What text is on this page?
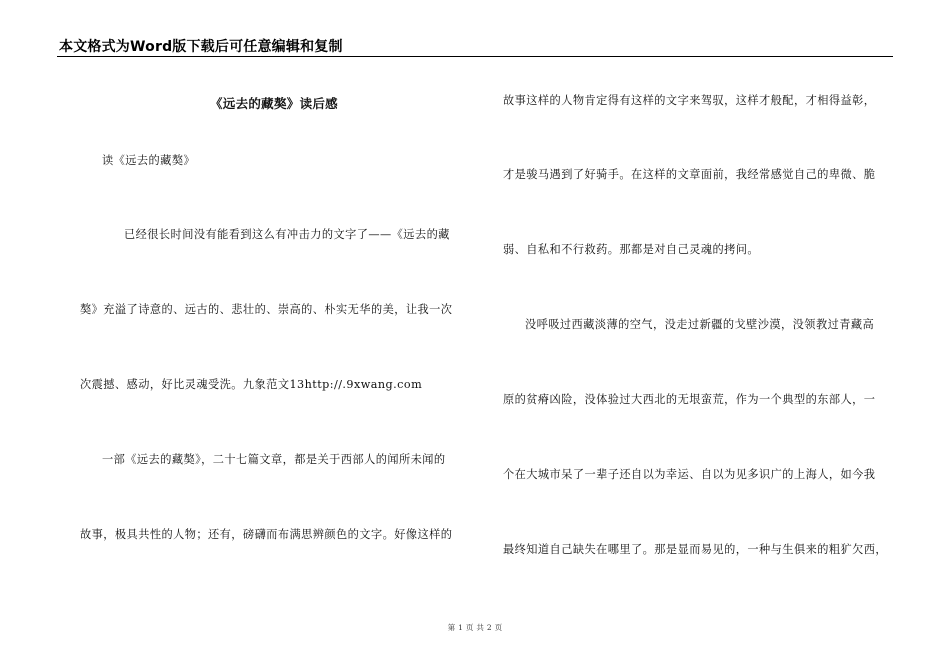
本文格式为Word版下载后可任意编辑和复制
《远去的藏獒》读后感
读《远去的藏獒》
已经很长时间没有能看到这么有冲击力的文字了——《远去的藏
獒》充溢了诗意的、远古的、悲壮的、崇高的、朴实无华的美，让我一次
次震撼、感动，好比灵魂受洗。九象范文13http://.9xwang.com
一部《远去的藏獒》，二十七篇文章，都是关于西部人的闻所未闻的
故事，极具共性的人物；还有，磅礴而布满思辨颜色的文字。好像这样的
故事这样的人物肯定得有这样的文字来驾驭，这样才般配，才相得益彰，
才是骏马遇到了好骑手。在这样的文章面前，我经常感觉自己的卑微、脆
弱、自私和不行救药。那都是对自己灵魂的拷问。
没呼吸过西藏淡薄的空气，没走过新疆的戈壁沙漠，没领教过青藏高
原的贫瘠凶险，没体验过大西北的无垠蛮荒，作为一个典型的东部人，一
个在大城市呆了一辈子还自以为幸运、自以为见多识广的上海人，如今我
最终知道自己缺失在哪里了。那是显而易见的，一种与生俱来的粗犷欠西，
第 1 页 共 2 页
